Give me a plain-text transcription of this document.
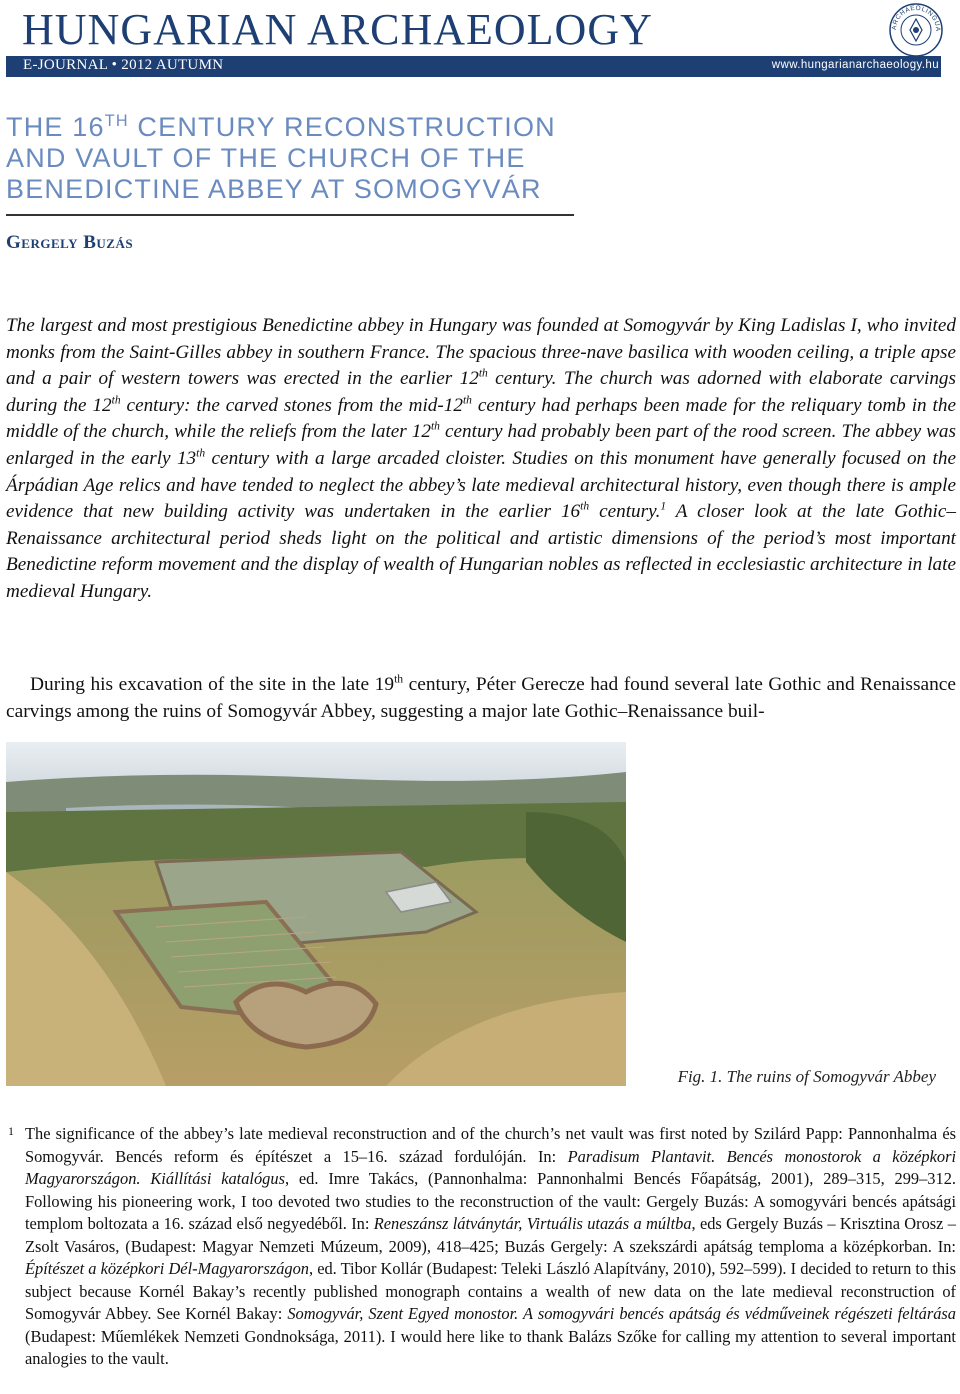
HUNGARIAN ARCHAEOLOGY	ARCHAEOLINGUA
E-JOURNAL • 2012 AUTUMN	www.hungarianarchaeology.hu
THE 16TH CENTURY RECONSTRUCTION
AND VAULT OF THE CHURCH OF THE
BENEDICTINE ABBEY AT SOMOGYVÁR
Gergely Buzás

The largest and most prestigious Benedictine abbey in Hungary was founded at Somogyvár by King Ladislas I, who invited monks from the Saint-Gilles abbey in southern France. The spacious three-nave basilica with wooden ceiling, a triple apse and a pair of western towers was erected in the earlier 12th century. The church was adorned with elaborate carvings during the 12th century: the carved stones from the mid-12th century had perhaps been made for the reliquary tomb in the middle of the church, while the reliefs from the later 12th century had probably been part of the rood screen. The abbey was enlarged in the early 13th century with a large arcaded cloister. Studies on this monument have generally focused on the Árpádian Age relics and have tended to neglect the abbey’s late medieval architectural history, even though there is ample evidence that new building activity was undertaken in the earlier 16th century.$^1$ A closer look at the late Gothic–Renaissance architectural period sheds light on the political and artistic dimensions of the period’s most important Benedictine reform movement and the display of wealth of Hungarian nobles as reflected in ecclesiastic architecture in late medieval Hungary.

During his excavation of the site in the late 19th century, Péter Gerecze had found several late Gothic and Renaissance carvings among the ruins of Somogyvár Abbey, suggesting a major late Gothic–Renaissance buil-

Fig. 1. The ruins of Somogyvár Abbey
1 The significance of the abbey’s late medieval reconstruction and of the church’s net vault was first noted by Szilárd Papp: Pannonhalma és Somogyvár. Bencés reform és építészet a 15–16. század fordulóján. In: Paradisum Plantavit. Bencés monostorok a középkori Magyarországon. Kiállítási katalógus, ed. Imre Takács, (Pannonhalma: Pannonhalmi Bencés Főapátság, 2001), 289–315, 299–312. Following his pioneering work, I too devoted two studies to the reconstruction of the vault: Gergely Buzás: A somogyvári bencés apátsági templom boltozata a 16. század első negyedéből. In: Reneszánsz látványtár, Virtuális utazás a múltba, eds Gergely Buzás – Krisztina Orosz – Zsolt Vasáros, (Budapest: Magyar Nemzeti Múzeum, 2009), 418–425; Buzás Gergely: A szekszárdi apátság temploma a középkorban. In: Építészet a középkori Dél-Magyarországon, ed. Tibor Kollár (Budapest: Teleki László Alapítvány, 2010), 592–599). I decided to return to this subject because Kornél Bakay’s recently published monograph contains a wealth of new data on the late medieval reconstruction of Somogyvár Abbey. See Kornél Bakay: Somogyvár, Szent Egyed monostor. A somogyvári bencés apátság és védműveinek régészeti feltárása (Budapest: Műemlékek Nemzeti Gondnoksága, 2011). I would here like to thank Balázs Szőke for calling my attention to several important analogies to the vault.
